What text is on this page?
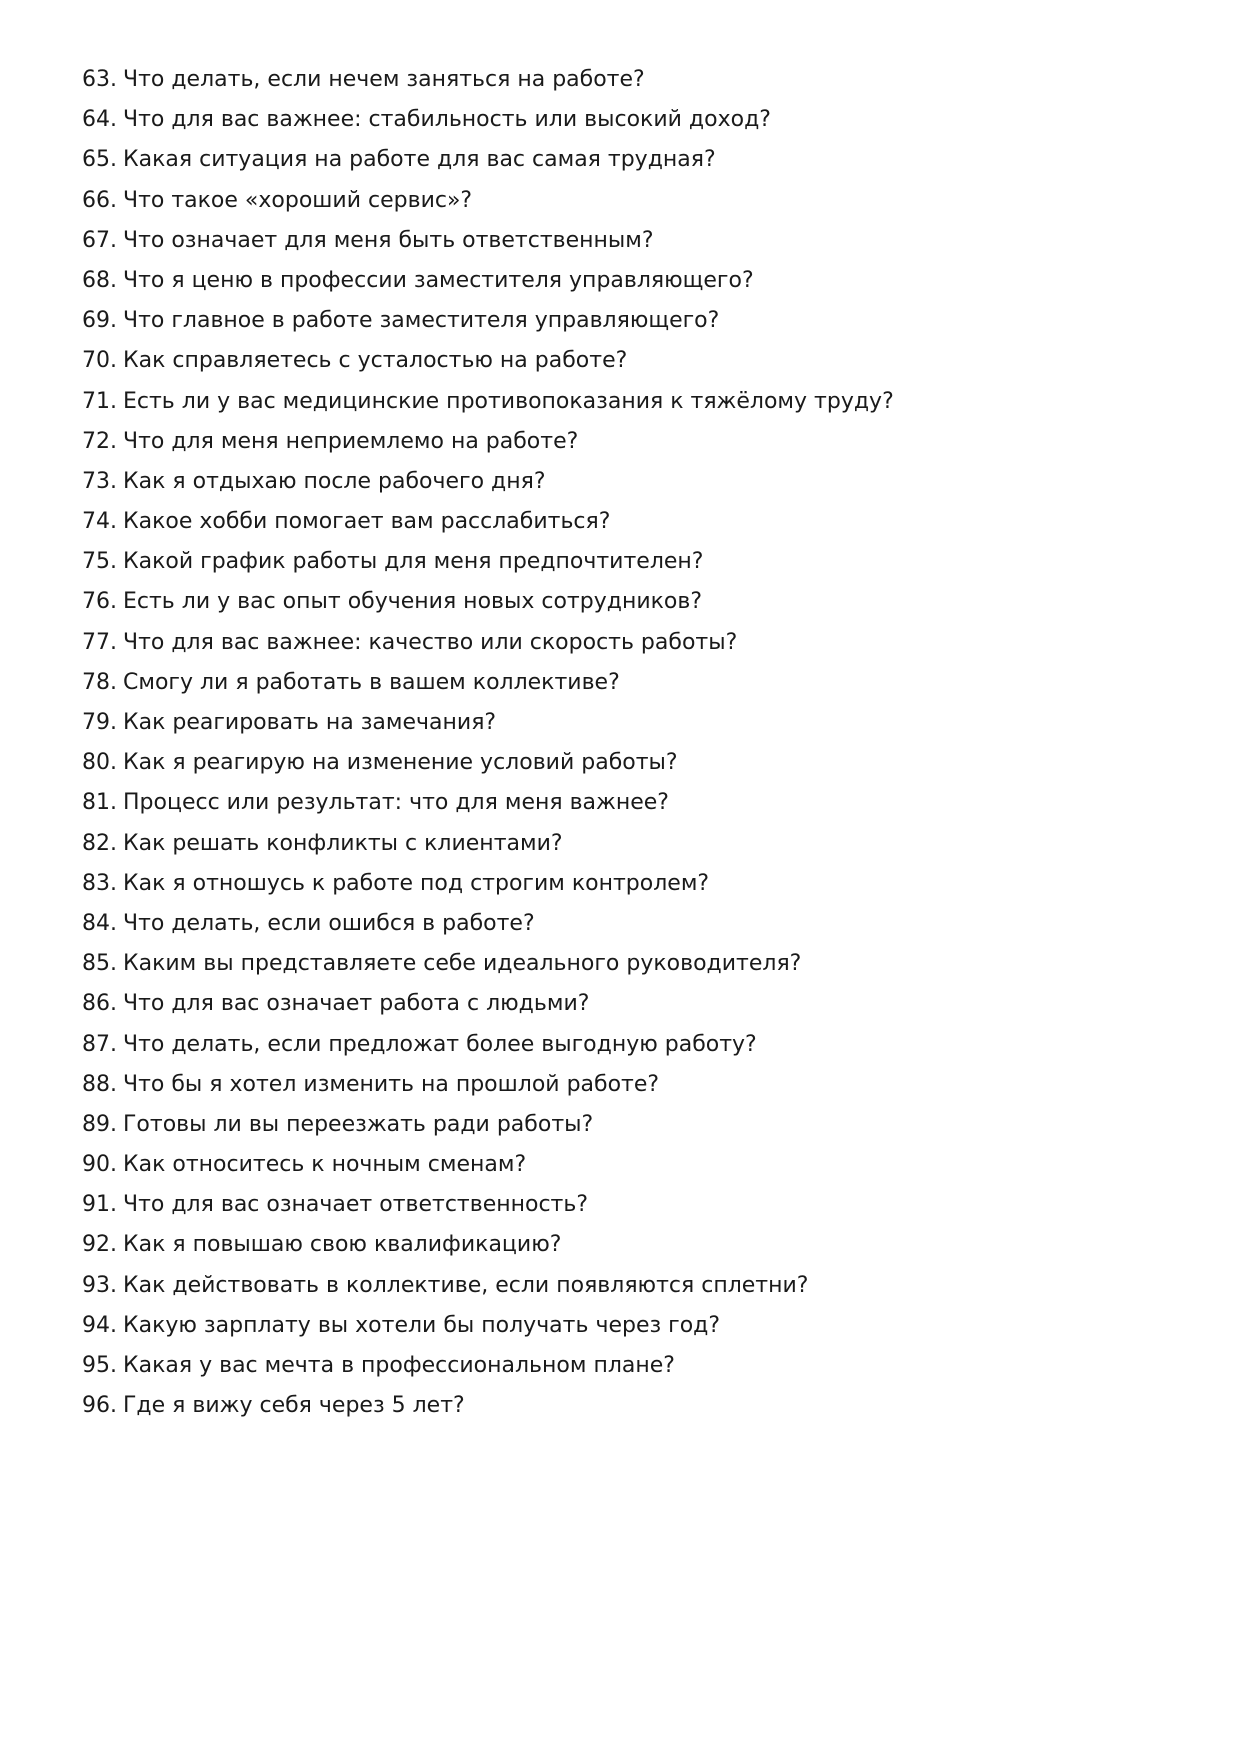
63. Что делать, если нечем заняться на работе?
64. Что для вас важнее: стабильность или высокий доход?
65. Какая ситуация на работе для вас самая трудная?
66. Что такое «хороший сервис»?
67. Что означает для меня быть ответственным?
68. Что я ценю в профессии заместителя управляющего?
69. Что главное в работе заместителя управляющего?
70. Как справляетесь с усталостью на работе?
71. Есть ли у вас медицинские противопоказания к тяжёлому труду?
72. Что для меня неприемлемо на работе?
73. Как я отдыхаю после рабочего дня?
74. Какое хобби помогает вам расслабиться?
75. Какой график работы для меня предпочтителен?
76. Есть ли у вас опыт обучения новых сотрудников?
77. Что для вас важнее: качество или скорость работы?
78. Смогу ли я работать в вашем коллективе?
79. Как реагировать на замечания?
80. Как я реагирую на изменение условий работы?
81. Процесс или результат: что для меня важнее?
82. Как решать конфликты с клиентами?
83. Как я отношусь к работе под строгим контролем?
84. Что делать, если ошибся в работе?
85. Каким вы представляете себе идеального руководителя?
86. Что для вас означает работа с людьми?
87. Что делать, если предложат более выгодную работу?
88. Что бы я хотел изменить на прошлой работе?
89. Готовы ли вы переезжать ради работы?
90. Как относитесь к ночным сменам?
91. Что для вас означает ответственность?
92. Как я повышаю свою квалификацию?
93. Как действовать в коллективе, если появляются сплетни?
94. Какую зарплату вы хотели бы получать через год?
95. Какая у вас мечта в профессиональном плане?
96. Где я вижу себя через 5 лет?
